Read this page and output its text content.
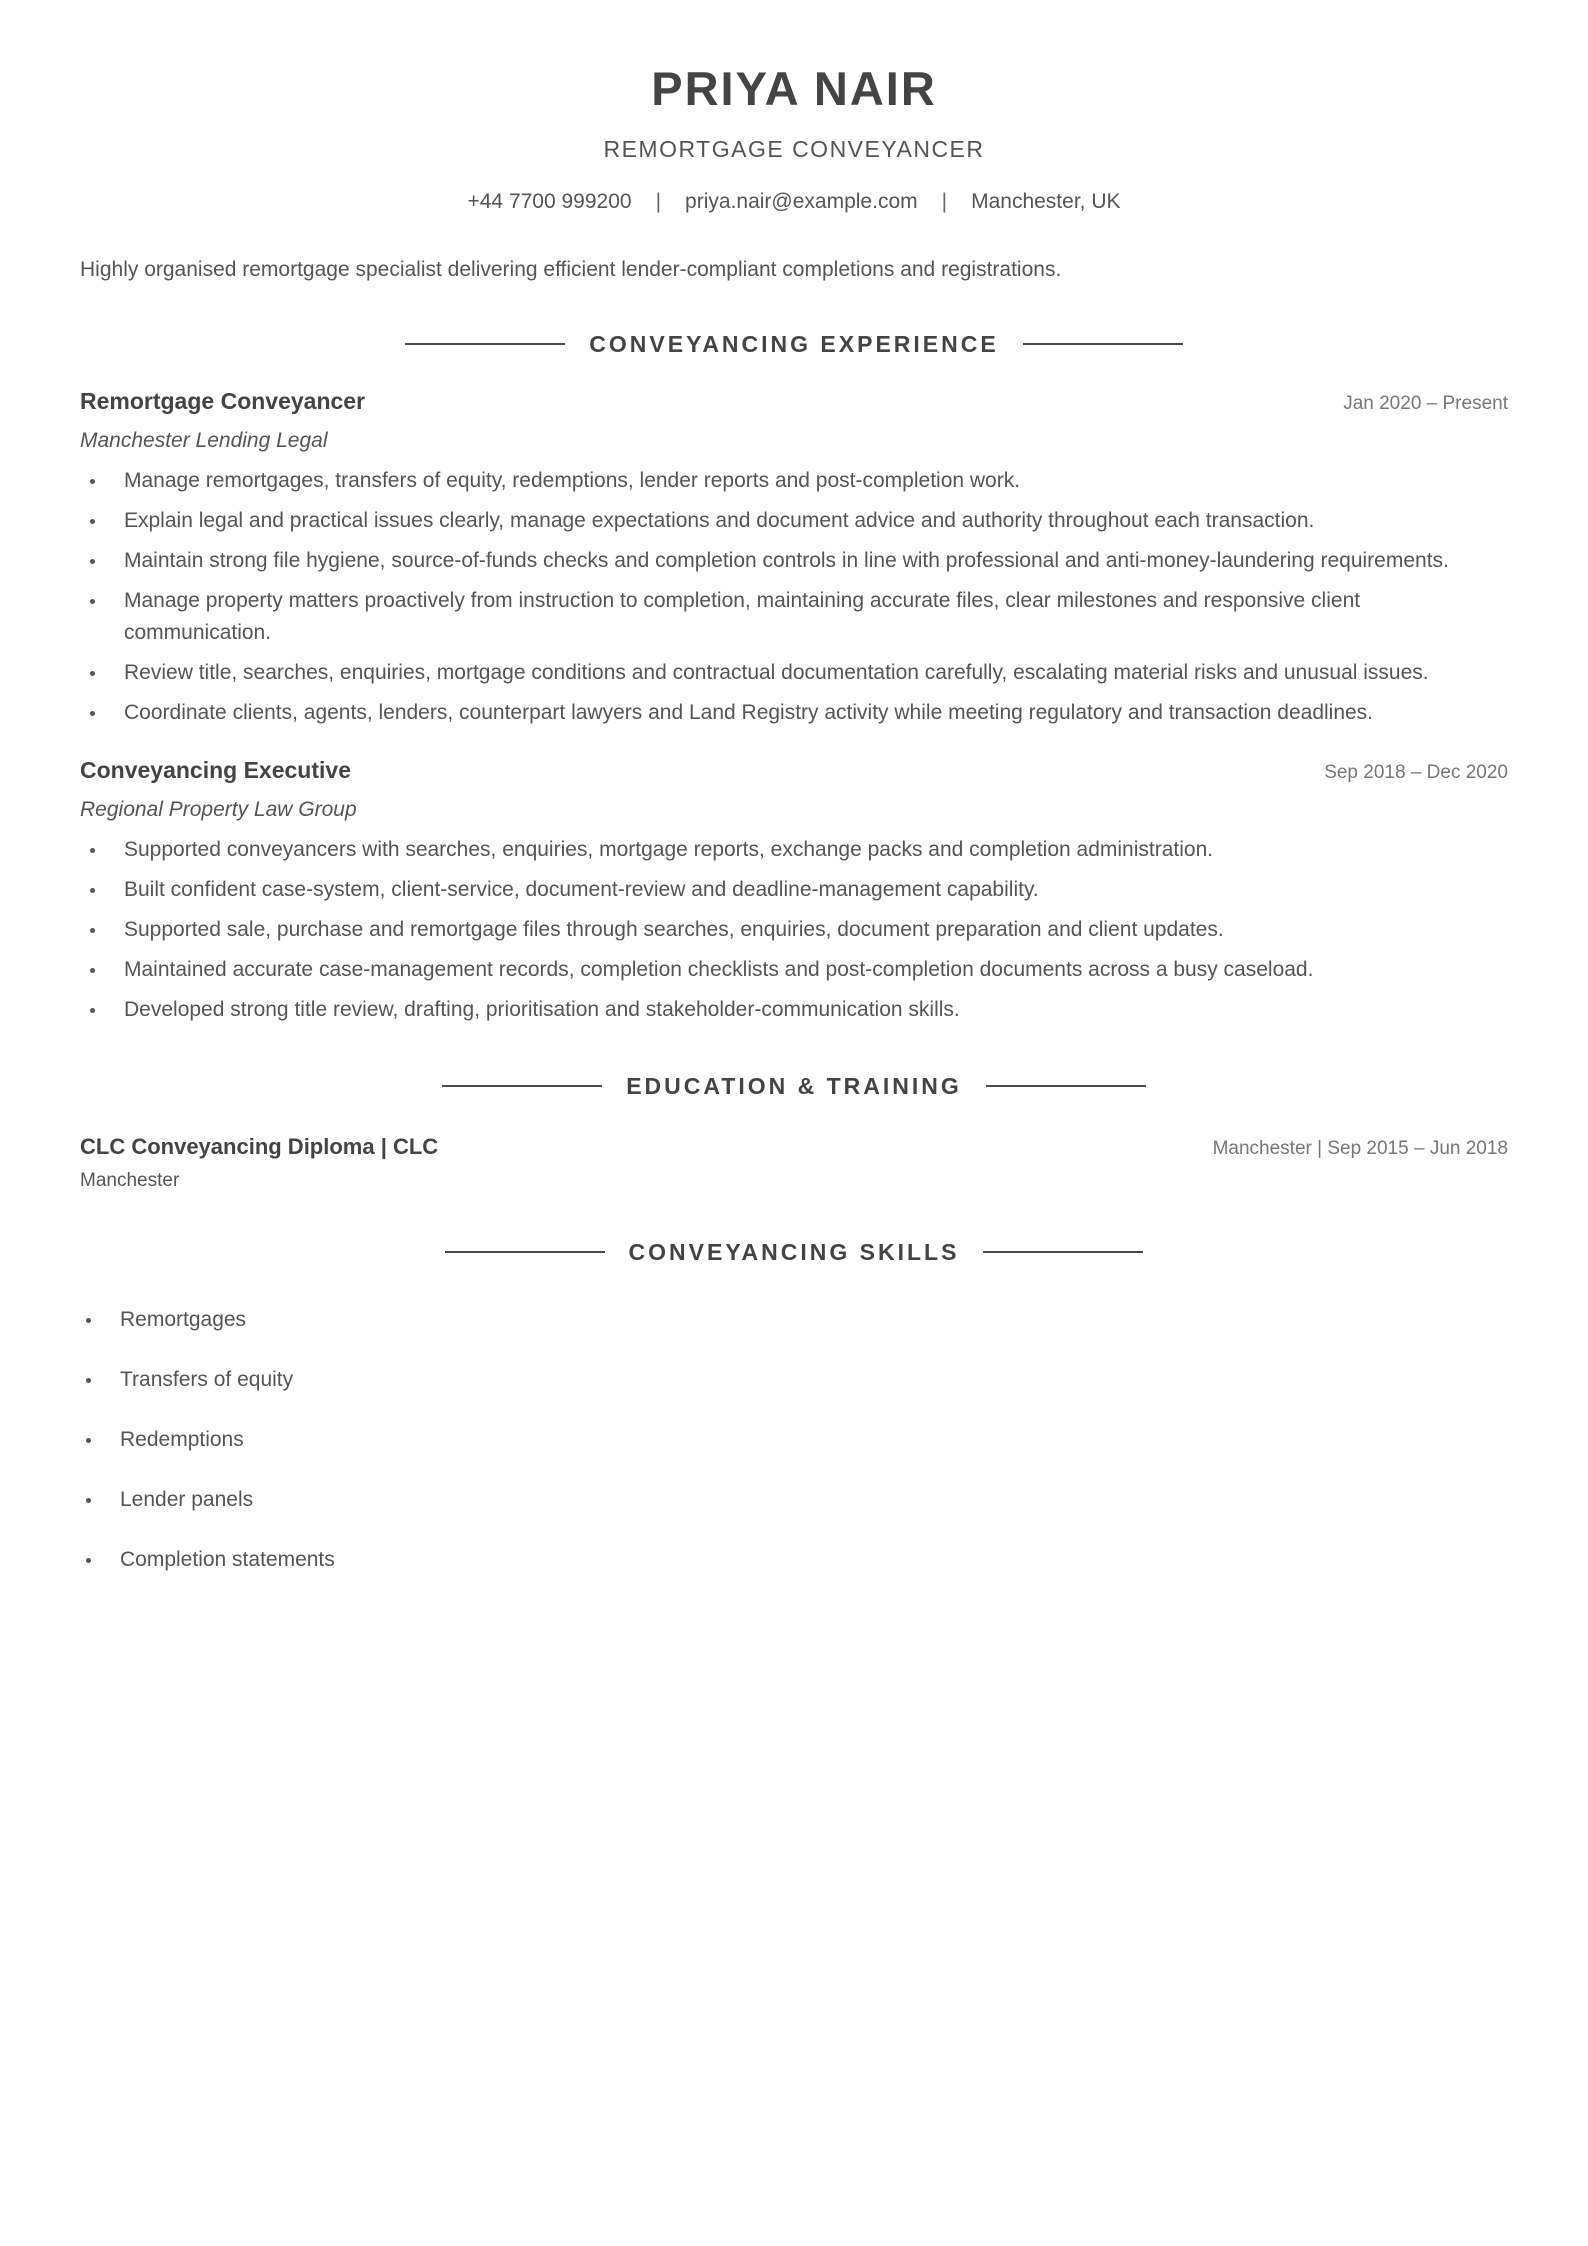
PRIYA NAIR
REMORTGAGE CONVEYANCER
+44 7700 999200 | priya.nair@example.com | Manchester, UK
Highly organised remortgage specialist delivering efficient lender-compliant completions and registrations.
CONVEYANCING EXPERIENCE
Remortgage Conveyancer	Jan 2020 – Present
Manchester Lending Legal
Manage remortgages, transfers of equity, redemptions, lender reports and post-completion work.
Explain legal and practical issues clearly, manage expectations and document advice and authority throughout each transaction.
Maintain strong file hygiene, source-of-funds checks and completion controls in line with professional and anti-money-laundering requirements.
Manage property matters proactively from instruction to completion, maintaining accurate files, clear milestones and responsive client communication.
Review title, searches, enquiries, mortgage conditions and contractual documentation carefully, escalating material risks and unusual issues.
Coordinate clients, agents, lenders, counterpart lawyers and Land Registry activity while meeting regulatory and transaction deadlines.
Conveyancing Executive	Sep 2018 – Dec 2020
Regional Property Law Group
Supported conveyancers with searches, enquiries, mortgage reports, exchange packs and completion administration.
Built confident case-system, client-service, document-review and deadline-management capability.
Supported sale, purchase and remortgage files through searches, enquiries, document preparation and client updates.
Maintained accurate case-management records, completion checklists and post-completion documents across a busy caseload.
Developed strong title review, drafting, prioritisation and stakeholder-communication skills.
EDUCATION & TRAINING
CLC Conveyancing Diploma | CLC	Manchester | Sep 2015 – Jun 2018
Manchester
CONVEYANCING SKILLS
Remortgages
Transfers of equity
Redemptions
Lender panels
Completion statements
